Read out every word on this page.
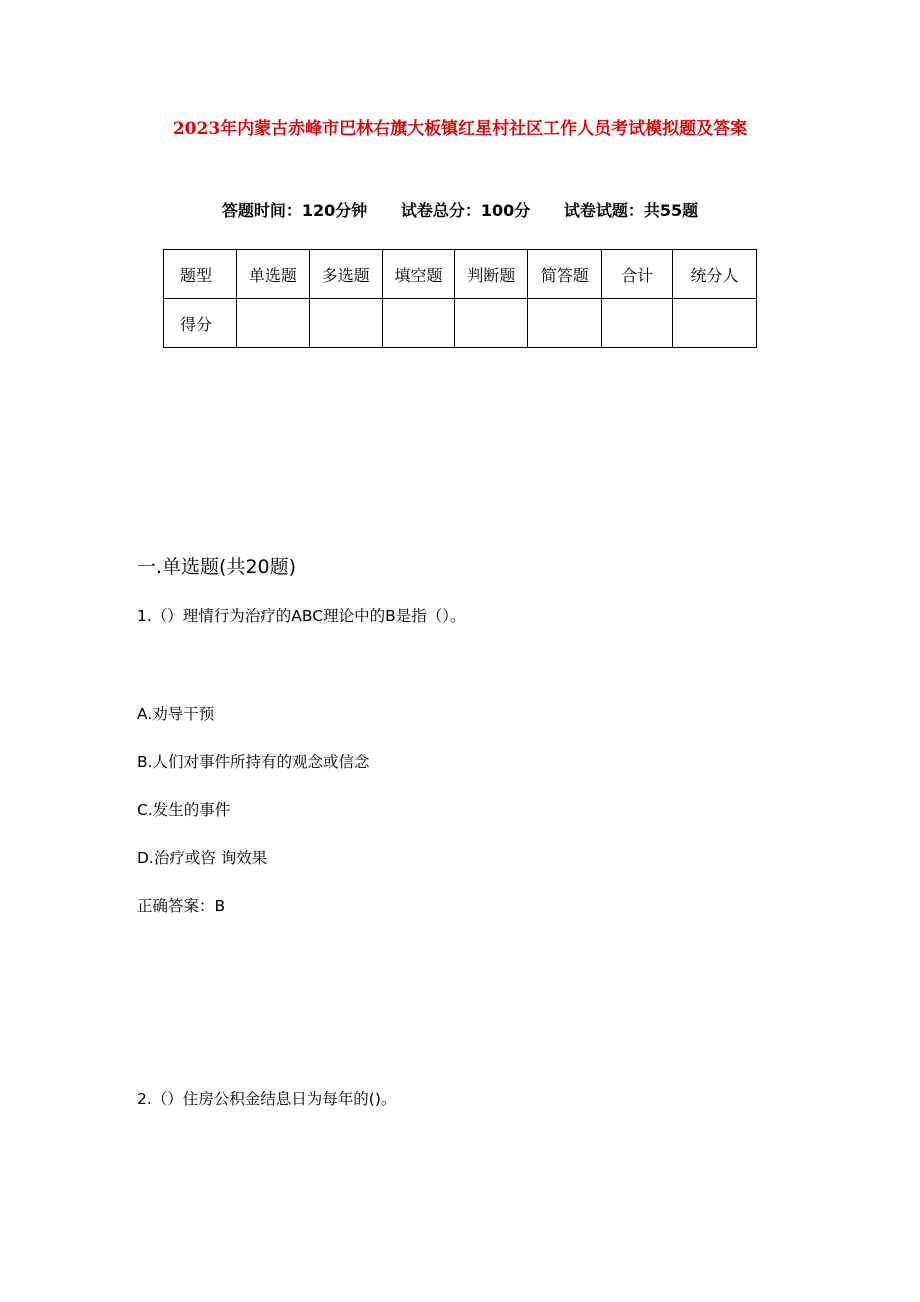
2023年内蒙古赤峰市巴林右旗大板镇红星村社区工作人员考试模拟题及答案
答题时间：120分钟 试卷总分：100分 试卷试题：共55题
题型	单选题	多选题	填空题	判断题	简答题	合计	统分人
得分							
一.单选题(共20题)
1.（）理情行为治疗的ABC理论中的B是指（）。
A.劝导干预
B.人们对事件所持有的观念或信念
C.发生的事件
D.治疗或咨 询效果
正确答案：B
2.（）住房公积金结息日为每年的()。
